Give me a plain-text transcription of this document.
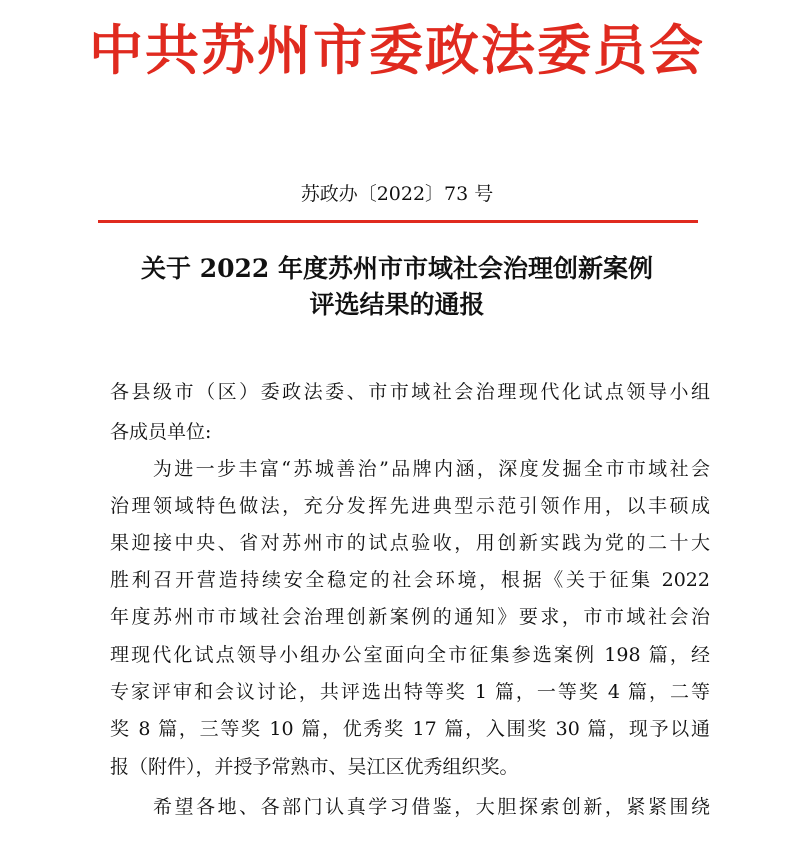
中共苏州市委政法委员会
苏政办〔2022〕73 号
关于 2022 年度苏州市市域社会治理创新案例
评选结果的通报
各县级市（区）委政法委、市市域社会治理现代化试点领导小组
各成员单位:
　　为进一步丰富“苏城善治”品牌内涵，深度发掘全市市域社会
治理领域特色做法，充分发挥先进典型示范引领作用，以丰硕成
果迎接中央、省对苏州市的试点验收，用创新实践为党的二十大
胜利召开营造持续安全稳定的社会环境，根据《关于征集 2022
年度苏州市市域社会治理创新案例的通知》要求，市市域社会治
理现代化试点领导小组办公室面向全市征集参选案例 198 篇，经
专家评审和会议讨论，共评选出特等奖 1 篇，一等奖 4 篇，二等
奖 8 篇，三等奖 10 篇，优秀奖 17 篇，入围奖 30 篇，现予以通
报（附件），并授予常熟市、吴江区优秀组织奖。
　　希望各地、各部门认真学习借鉴，大胆探索创新，紧紧围绕
